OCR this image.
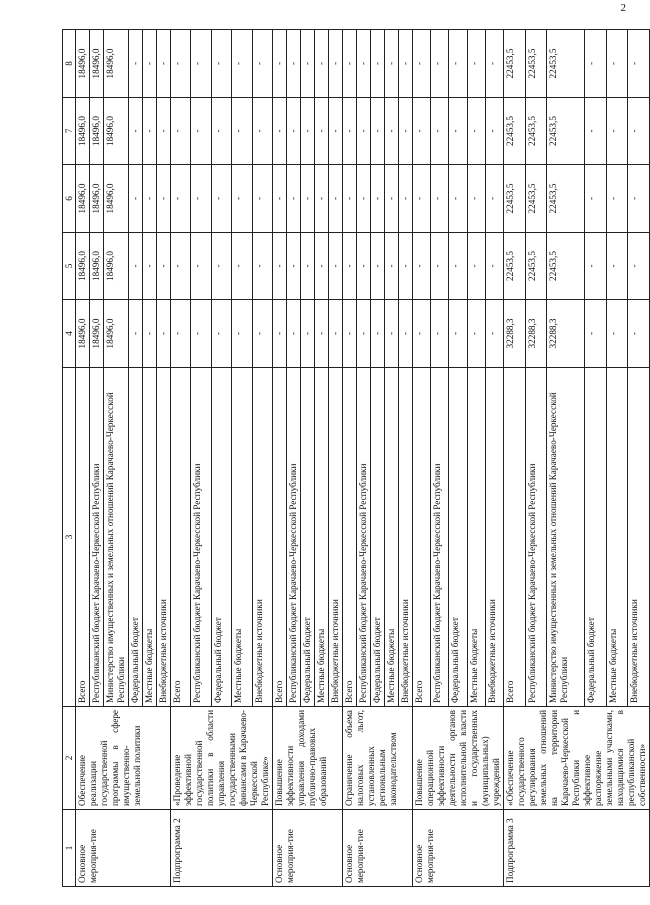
2
1	2	3	4	5	6	7	8
Основное мероприя-тие	Обеспечение реализации государственной программы в сфере имущественно-земельной политики	Всего	18496,0	18496,0	18496,0	18496,0	18496,0
		Республиканский бюджет Карачаево-Черкесской Республики	18496,0	18496,0	18496,0	18496,0	18496,0
		Министерство имущественных и земельных отношений Карачаево-Черкесской Республики	18496,0	18496,0	18496,0	18496,0	18496,0
		Федеральный бюджет	-	-	-	-	-
		Местные бюджеты	-	-	-	-	-
		Внебюджетные источники	-	-	-	-	-
Подпрограмма 2	«Проведение эффективной государственной политики в области управления государственными финансами в Карачаево-Черкесской Республике»	Всего	-	-	-	-	-
		Республиканский бюджет Карачаево-Черкесской Республики	-	-	-	-	-
		Федеральный бюджет	-	-	-	-	-
		Местные бюджеты	-	-	-	-	-
		Внебюджетные источники	-	-	-	-	-
Основное мероприя-тие	Повышение эффективности управления доходами публично-правовых образований	Всего	-	-	-	-	-
		Республиканский бюджет Карачаево-Черкесской Республики	-	-	-	-	-
		Федеральный бюджет	-	-	-	-	-
		Местные бюджеты	-	-	-	-	-
		Внебюджетные источники	-	-	-	-	-
Основное мероприя-тие	Ограничение объема налоговых льгот, установленных региональным законодательством	Всего	-	-	-	-	-
		Республиканский бюджет Карачаево-Черкесской Республики	-	-	-	-	-
		Федеральный бюджет	-	-	-	-	-
		Местные бюджеты	-	-	-	-	-
		Внебюджетные источники	-	-	-	-	-
Основное мероприя-тие	Повышение операционной эффективности деятельности органов исполнительной власти и государственных (муниципальных) учреждений	Всего	-	-	-	-	-
		Республиканский бюджет Карачаево-Черкесской Республики	-	-	-	-	-
		Федеральный бюджет	-	-	-	-	-
		Местные бюджеты	-	-	-	-	-
		Внебюджетные источники	-	-	-	-	-
Подпрограмма 3	«Обеспечение государственного регулирования земельных отношений на территории Карачаево-Черкесской Республики и эффективное распоряжение земельными участками, находящимися в республиканской собственности»	Всего	32288,3	22453,5	22453,5	22453,5	22453,5
		Республиканский бюджет Карачаево-Черкесской Республики	32288,3	22453,5	22453,5	22453,5	22453,5
		Министерство имущественных и земельных отношений Карачаево-Черкесской Республики	32288,3	22453,5	22453,5	22453,5	22453,5
		Федеральный бюджет	-	-	-	-	-
		Местные бюджеты	-	-	-	-	-
		Внебюджетные источники	-	-	-	-	-
